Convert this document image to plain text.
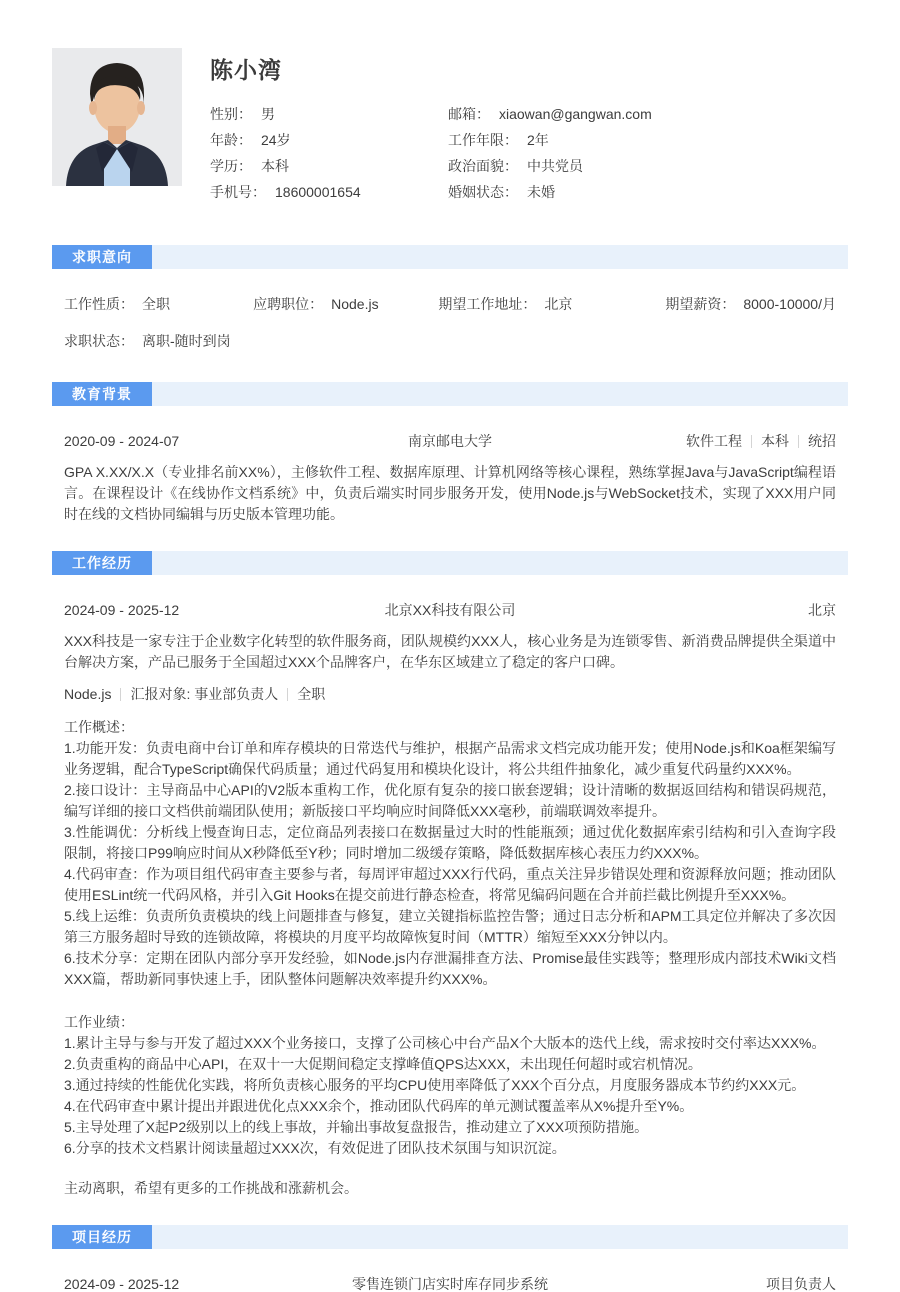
陈小湾
性别： 男
年龄： 24岁
学历： 本科
手机号： 18600001654
邮箱： xiaowan@gangwan.com
工作年限： 2年
政治面貌： 中共党员
婚姻状态： 未婚
求职意向
工作性质： 全职	应聘职位： Node.js	期望工作地址： 北京	期望薪资： 8000-10000/月
求职状态： 离职-随时到岗
教育背景
2020-09 - 2024-07	南京邮电大学	软件工程 本科 统招

GPA X.XX/X.X（专业排名前XX%），主修软件工程、数据库原理、计算机网络等核心课程，熟练掌握Java与JavaScript编程语言。在课程设计《在线协作文档系统》中，负责后端实时同步服务开发，使用Node.js与WebSocket技术，实现了XXX用户同时在线的文档协同编辑与历史版本管理功能。

工作经历
2024-09 - 2025-12	北京XX科技有限公司	北京

XXX科技是一家专注于企业数字化转型的软件服务商，团队规模约XXX人，核心业务是为连锁零售、新消费品牌提供全渠道中台解决方案，产品已服务于全国超过XXX个品牌客户，在华东区域建立了稳定的客户口碑。

Node.js 汇报对象: 事业部负责人 全职
工作概述：
1.功能开发：负责电商中台订单和库存模块的日常迭代与维护，根据产品需求文档完成功能开发；使用Node.js和Koa框架编写业务逻辑，配合TypeScript确保代码质量；通过代码复用和模块化设计，将公共组件抽象化，减少重复代码量约XXX%。
2.接口设计：主导商品中心API的V2版本重构工作，优化原有复杂的接口嵌套逻辑；设计清晰的数据返回结构和错误码规范，编写详细的接口文档供前端团队使用；新版接口平均响应时间降低XXX毫秒，前端联调效率提升。
3.性能调优：分析线上慢查询日志，定位商品列表接口在数据量过大时的性能瓶颈；通过优化数据库索引结构和引入查询字段限制，将接口P99响应时间从X秒降低至Y秒；同时增加二级缓存策略，降低数据库核心表压力约XXX%。
4.代码审查：作为项目组代码审查主要参与者，每周评审超过XXX行代码，重点关注异步错误处理和资源释放问题；推动团队使用ESLint统一代码风格，并引入Git Hooks在提交前进行静态检查，将常见编码问题在合并前拦截比例提升至XXX%。
5.线上运维：负责所负责模块的线上问题排查与修复，建立关键指标监控告警；通过日志分析和APM工具定位并解决了多次因第三方服务超时导致的连锁故障，将模块的月度平均故障恢复时间（MTTR）缩短至XXX分钟以内。
6.技术分享：定期在团队内部分享开发经验，如Node.js内存泄漏排查方法、Promise最佳实践等；整理形成内部技术Wiki文档XXX篇，帮助新同事快速上手，团队整体问题解决效率提升约XXX%。
工作业绩：
1.累计主导与参与开发了超过XXX个业务接口，支撑了公司核心中台产品X个大版本的迭代上线，需求按时交付率达XXX%。
2.负责重构的商品中心API，在双十一大促期间稳定支撑峰值QPS达XXX，未出现任何超时或宕机情况。
3.通过持续的性能优化实践，将所负责核心服务的平均CPU使用率降低了XXX个百分点，月度服务器成本节约约XXX元。
4.在代码审查中累计提出并跟进优化点XXX余个，推动团队代码库的单元测试覆盖率从X%提升至Y%。
5.主导处理了X起P2级别以上的线上事故，并输出事故复盘报告，推动建立了XXX项预防措施。
6.分享的技术文档累计阅读量超过XXX次，有效促进了团队技术氛围与知识沉淀。

主动离职，希望有更多的工作挑战和涨薪机会。

项目经历
2024-09 - 2025-12	零售连锁门店实时库存同步系统	项目负责人
